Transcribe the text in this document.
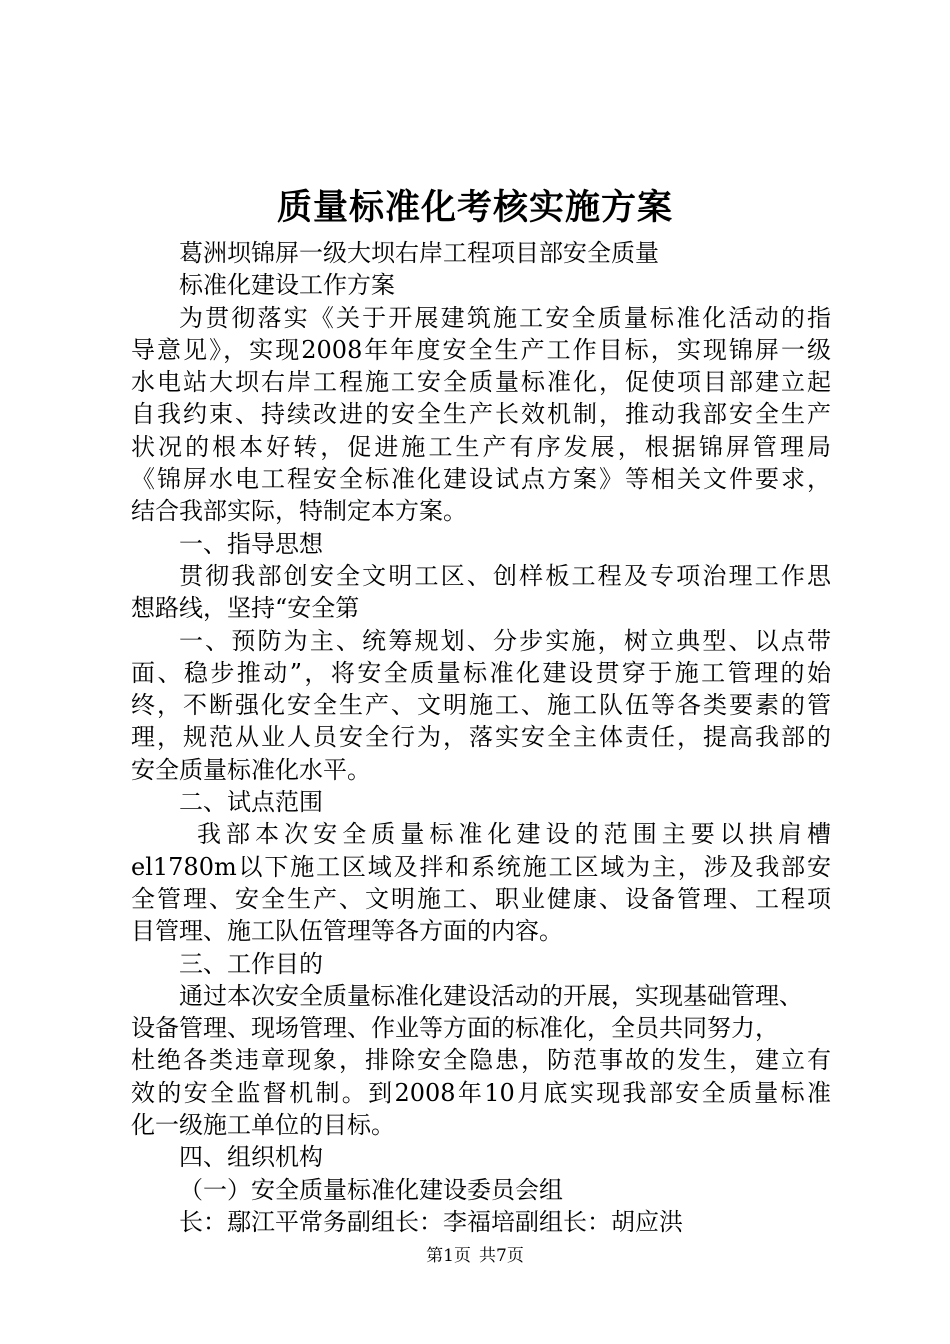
质量标准化考核实施方案
葛洲坝锦屏一级大坝右岸工程项目部安全质量
标准化建设工作方案
为贯彻落实《关于开展建筑施工安全质量标准化活动的指
导意见》，实现2008年年度安全生产工作目标，实现锦屏一级
水电站大坝右岸工程施工安全质量标准化，促使项目部建立起
自我约束、持续改进的安全生产长效机制，推动我部安全生产
状况的根本好转，促进施工生产有序发展，根据锦屏管理局
《锦屏水电工程安全标准化建设试点方案》等相关文件要求，
结合我部实际，特制定本方案。
一、指导思想
贯彻我部创安全文明工区、创样板工程及专项治理工作思
想路线，坚持“安全第
一、预防为主、统筹规划、分步实施，树立典型、以点带
面、稳步推动”，将安全质量标准化建设贯穿于施工管理的始
终，不断强化安全生产、文明施工、施工队伍等各类要素的管
理，规范从业人员安全行为，落实安全主体责任，提高我部的
安全质量标准化水平。
二、试点范围
我部本次安全质量标准化建设的范围主要以拱肩槽
el1780m以下施工区域及拌和系统施工区域为主，涉及我部安
全管理、安全生产、文明施工、职业健康、设备管理、工程项
目管理、施工队伍管理等各方面的内容。
三、工作目的
通过本次安全质量标准化建设活动的开展，实现基础管理、
设备管理、现场管理、作业等方面的标准化，全员共同努力，
杜绝各类违章现象，排除安全隐患，防范事故的发生，建立有
效的安全监督机制。到2008年10月底实现我部安全质量标准
化一级施工单位的目标。
四、组织机构
（一）安全质量标准化建设委员会组
长：鄢江平常务副组长：李福培副组长：胡应洪
第1页 共7页
